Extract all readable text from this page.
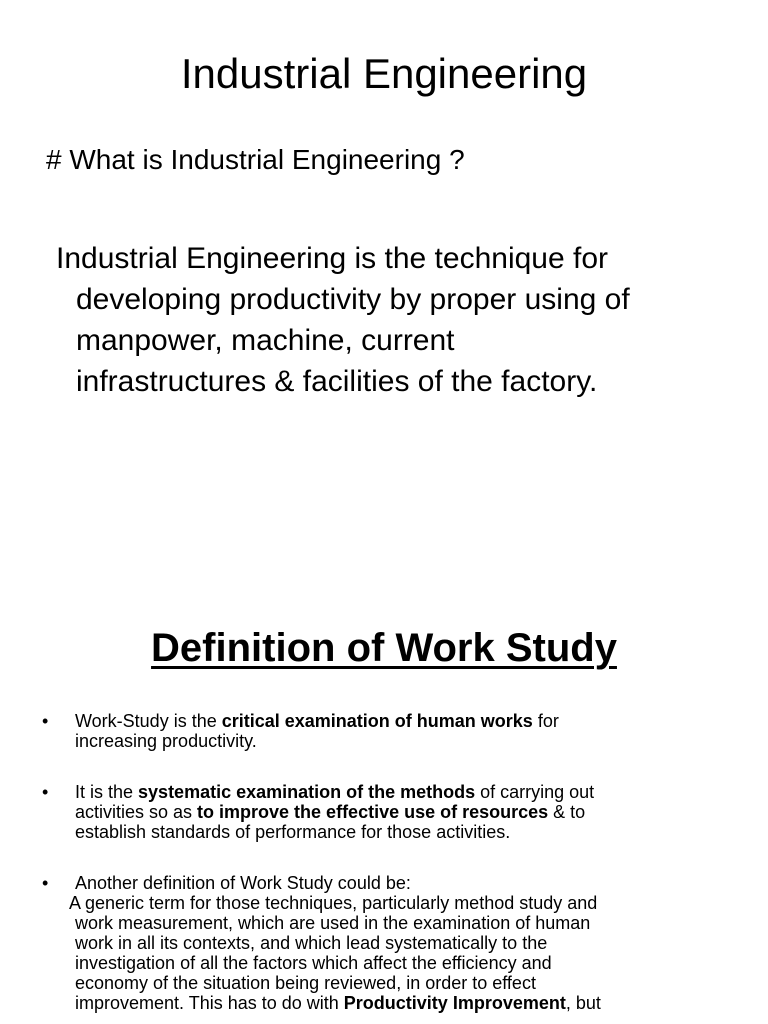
Industrial Engineering
# What is Industrial Engineering ?
Industrial Engineering is the technique for
developing productivity by proper using of
manpower, machine, current
infrastructures & facilities of the factory.
Definition of Work Study
•	Work-Study is the critical examination of human works for
increasing productivity.
•	It is the systematic examination of the methods of carrying out
activities so as to improve the effective use of resources & to
establish standards of performance for those activities.
•	Another definition of Work Study could be:
A generic term for those techniques, particularly method study and
work measurement, which are used in the examination of human
work in all its contexts, and which lead systematically to the
investigation of all the factors which affect the efficiency and
economy of the situation being reviewed, in order to effect
improvement. This has to do with Productivity Improvement, but
